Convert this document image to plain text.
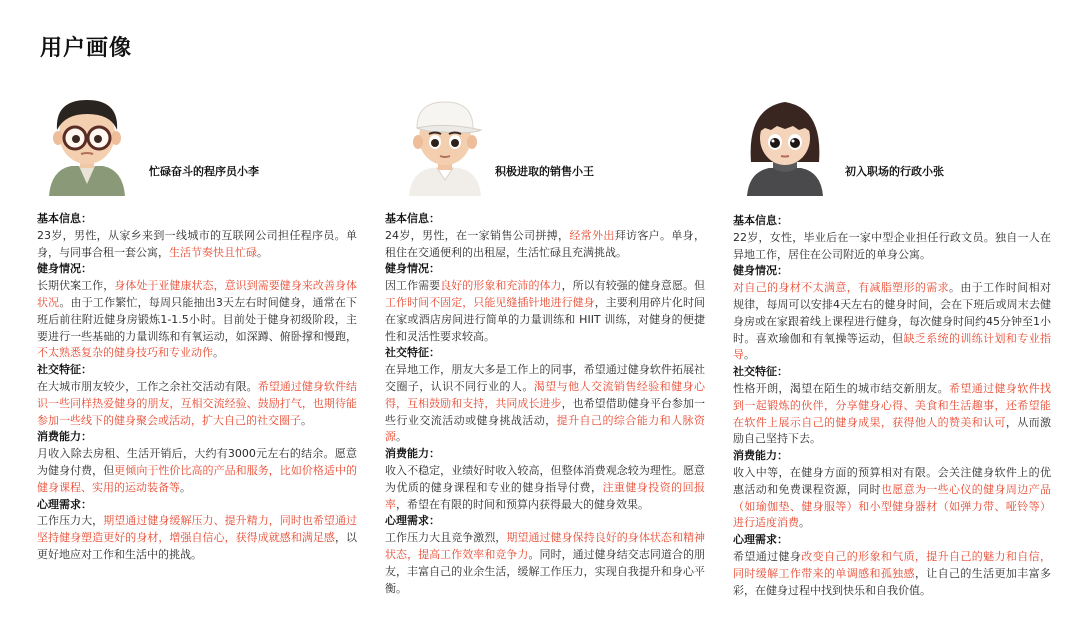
用户画像
忙碌奋斗的程序员小李
基本信息：
23岁，男性，从家乡来到一线城市的互联网公司担任程序员。单身，与同事合租一套公寓，生活节奏快且忙碌。
健身情况：
长期伏案工作，身体处于亚健康状态，意识到需要健身来改善身体状况。由于工作繁忙，每周只能抽出3天左右时间健身，通常在下班后前往附近健身房锻炼1-1.5小时。目前处于健身初级阶段，主要进行一些基础的力量训练和有氧运动，如深蹲、俯卧撑和慢跑，不太熟悉复杂的健身技巧和专业动作。
社交特征：
在大城市朋友较少，工作之余社交活动有限。希望通过健身软件结识一些同样热爱健身的朋友，互相交流经验、鼓励打气，也期待能参加一些线下的健身聚会或活动，扩大自己的社交圈子。
消费能力：
月收入除去房租、生活开销后，大约有3000元左右的结余。愿意为健身付费，但更倾向于性价比高的产品和服务，比如价格适中的健身课程、实用的运动装备等。
心理需求：
工作压力大，期望通过健身缓解压力、提升精力，同时也希望通过坚持健身塑造更好的身材，增强自信心，获得成就感和满足感，以更好地应对工作和生活中的挑战。
积极进取的销售小王
基本信息：
24岁，男性，在一家销售公司拼搏，经常外出拜访客户。单身，租住在交通便利的出租屋，生活忙碌且充满挑战。
健身情况：
因工作需要良好的形象和充沛的体力，所以有较强的健身意愿。但工作时间不固定，只能见缝插针地进行健身，主要利用碎片化时间在家或酒店房间进行简单的力量训练和 HIIT 训练，对健身的便捷性和灵活性要求较高。
社交特征：
在异地工作，朋友大多是工作上的同事，希望通过健身软件拓展社交圈子，认识不同行业的人。渴望与他人交流销售经验和健身心得，互相鼓励和支持，共同成长进步，也希望借助健身平台参加一些行业交流活动或健身挑战活动，提升自己的综合能力和人脉资源。
消费能力：
收入不稳定，业绩好时收入较高，但整体消费观念较为理性。愿意为优质的健身课程和专业的健身指导付费，注重健身投资的回报率，希望在有限的时间和预算内获得最大的健身效果。
心理需求：
工作压力大且竞争激烈，期望通过健身保持良好的身体状态和精神状态，提高工作效率和竞争力。同时，通过健身结交志同道合的朋友，丰富自己的业余生活，缓解工作压力，实现自我提升和身心平衡。
初入职场的行政小张
基本信息：
22岁，女性，毕业后在一家中型企业担任行政文员。独自一人在异地工作，居住在公司附近的单身公寓。
健身情况：
对自己的身材不太满意，有减脂塑形的需求。由于工作时间相对规律，每周可以安排4天左右的健身时间，会在下班后或周末去健身房或在家跟着线上课程进行健身，每次健身时间约45分钟至1小时。喜欢瑜伽和有氧操等运动，但缺乏系统的训练计划和专业指导。
社交特征：
性格开朗，渴望在陌生的城市结交新朋友。希望通过健身软件找到一起锻炼的伙伴，分享健身心得、美食和生活趣事，还希望能在软件上展示自己的健身成果，获得他人的赞美和认可，从而激励自己坚持下去。
消费能力：
收入中等，在健身方面的预算相对有限。会关注健身软件上的优惠活动和免费课程资源，同时也愿意为一些心仪的健身周边产品（如瑜伽垫、健身服等）和小型健身器材（如弹力带、哑铃等）进行适度消费。
心理需求：
希望通过健身改变自己的形象和气质，提升自己的魅力和自信，同时缓解工作带来的单调感和孤独感，让自己的生活更加丰富多彩，在健身过程中找到快乐和自我价值。
